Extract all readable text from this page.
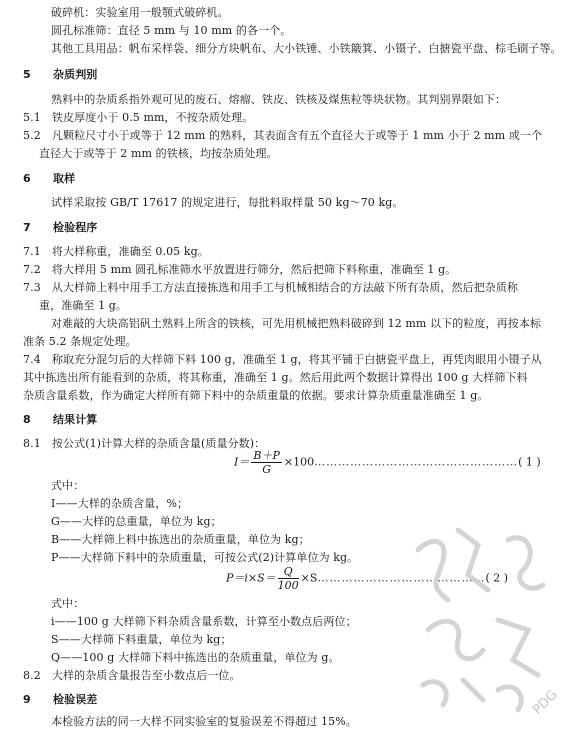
破碎机：实验室用一般颚式破碎机。
圆孔标准筛：直径 5 mm 与 10 mm 的各一个。
其他工具用品：帆布采样袋、细分方块帆布、大小铁锤、小铁簸箕、小镊子、白搪瓷平盘、棕毛刷子等。
5 杂质判别
熟料中的杂质系指外观可见的废石、熔瘤、铁皮、铁核及煤焦粒等块状物。其判别界限如下：
5.1　铁皮厚度小于 0.5 mm，不按杂质处理。
5.2　凡颗粒尺寸小于或等于 12 mm 的熟料，其表面含有五个直径大于或等于 1 mm 小于 2 mm 或一个
直径大于或等于 2 mm 的铁核，均按杂质处理。
6 取样
试样采取按 GB/T 17617 的规定进行，每批料取样量 50 kg～70 kg。
7 检验程序
7.1　将大样称重，准确至 0.05 kg。
7.2　将大样用 5 mm 圆孔标准筛水平放置进行筛分，然后把筛下料称重，准确至 1 g。
7.3　从大样筛上料中用手工方法直接拣选和用手工与机械相结合的方法敲下所有杂质，然后把杂质称
重，准确至 1 g。
对难敲的大块高铝矾土熟料上所含的铁核，可先用机械把熟料破碎到 12 mm 以下的粒度，再按本标
准条 5.2 条规定处理。
7.4　称取充分混匀后的大样筛下料 100 g，准确至 1 g，将其平铺于白搪瓷平盘上，再凭肉眼用小镊子从
其中拣选出所有能看到的杂质，将其称重，准确至 1 g。然后用此两个数据计算得出 100 g 大样筛下料
杂质含量系数，作为确定大样所有筛下料中的杂质重量的依据。要求计算杂质重量准确至 1 g。
8 结果计算
8.1　按公式(1)计算大样的杂质含量(质量分数)：
$I= \frac{B+P}{G}$ ×100……………………………………………( 1 )
式中：
I——大样的杂质含量，%；
G——大样的总重量，单位为 kg；
B——大样筛上料中拣选出的杂质重量，单位为 kg；
P——大样筛下料中的杂质重量，可按公式(2)计算单位为 kg。
$P=i\times S= \frac{Q}{100}$ ×S……………………………………( 2 )
式中：
i——100 g 大样筛下料杂质含量系数，计算至小数点后两位；
S——大样筛下料重量，单位为 kg；
Q——100 g 大样筛下料中拣选出的杂质重量，单位为 g。
8.2　大样的杂质含量报告至小数点后一位。
9 检验误差
本检验方法的同一大样不同实验室的复验误差不得超过 15%。
PDG
